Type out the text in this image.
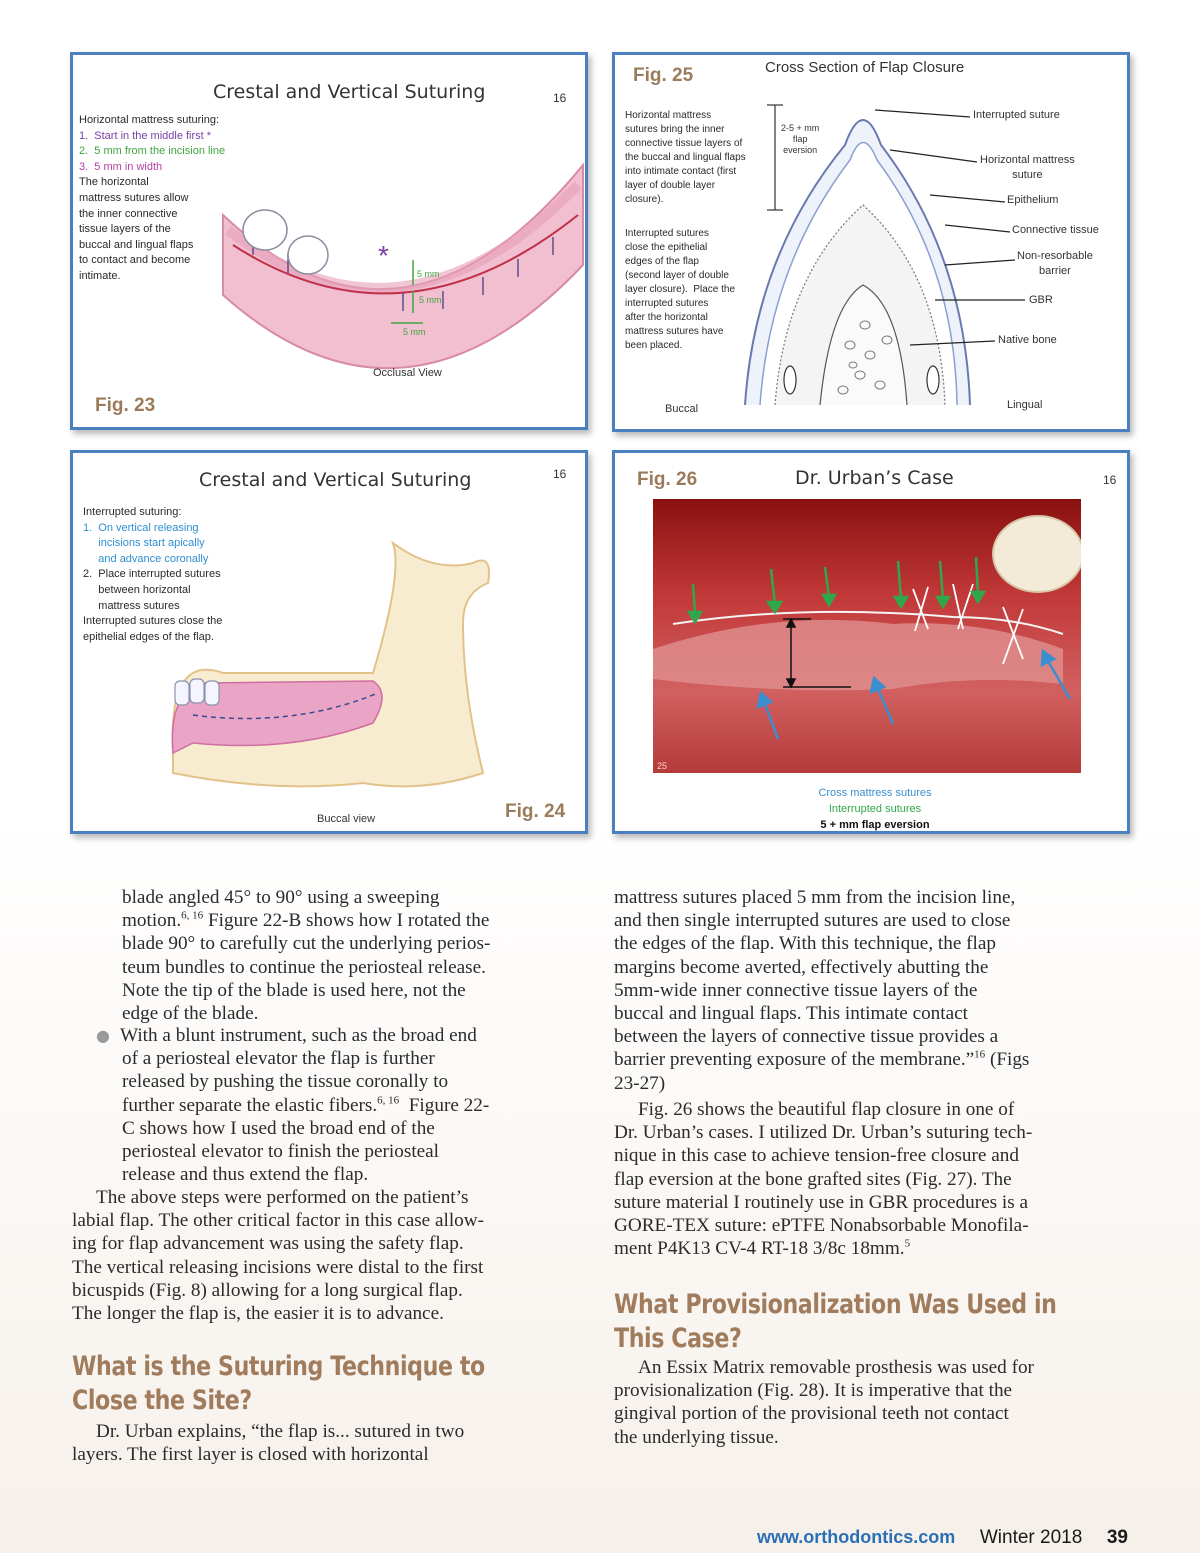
Crestal and Vertical Suturing	16
Horizontal mattress suturing:
1.  Start in the middle first *
2.  5 mm from the incision line
3.  5 mm in width
The horizontal
mattress sutures allow
the inner connective
tissue layers of the
buccal and lingual flaps
to contact and become
intimate.
*
5 mm
5 mm
5 mm
Occlusal View
Fig. 23
Fig. 25	Cross Section of Flap Closure
Horizontal mattress
sutures bring the inner
connective tissue layers of
the buccal and lingual flaps
into intimate contact (first
layer of double layer
closure).
Interrupted sutures
close the epithelial
edges of the flap
(second layer of double
layer closure).  Place the
interrupted sutures
after the horizontal
mattress sutures have
been placed.
2-5 + mm
flap
eversion
Interrupted suture
Horizontal mattress
suture
Epithelium
Connective tissue
Non-resorbable
barrier
GBR
Native bone
Buccal	Lingual
Crestal and Vertical Suturing	16
Interrupted suturing:
1.  On vertical releasing
incisions start apically
and advance coronally
2.  Place interrupted sutures
between horizontal
mattress sutures
Interrupted sutures close the
epithelial edges of the flap.
Buccal view	Fig. 24
Fig. 26	Dr. Urban’s Case	16
25
Cross mattress sutures
Interrupted sutures
5 + mm flap eversion

blade angled 45° to 90° using a sweeping

motion.$^{6, 16}$ Figure 22-B shows how I rotated the

blade 90° to carefully cut the underlying perios-

teum bundles to continue the periosteal release.

Note the tip of the blade is used here, not the

edge of the blade.

● With a blunt instrument, such as the broad end

of a periosteal elevator the flap is further

released by pushing the tissue coronally to

further separate the elastic fibers.$^{6, 16}$ Figure 22-

C shows how I used the broad end of the

periosteal elevator to finish the periosteal

release and thus extend the flap.

The above steps were performed on the patient’s

labial flap. The other critical factor in this case allow-

ing for flap advancement was using the safety flap.

The vertical releasing incisions were distal to the first

bicuspids (Fig. 8) allowing for a long surgical flap.

The longer the flap is, the easier it is to advance.

What is the Suturing Technique to
Close the Site?

Dr. Urban explains, “the flap is... sutured in two

layers. The first layer is closed with horizontal

mattress sutures placed 5 mm from the incision line,

and then single interrupted sutures are used to close

the edges of the flap. With this technique, the flap

margins become averted, effectively abutting the

5mm-wide inner connective tissue layers of the

buccal and lingual flaps. This intimate contact

between the layers of connective tissue provides a

barrier preventing exposure of the membrane.”$^{16}$ (Figs

23-27)

Fig. 26 shows the beautiful flap closure in one of

Dr. Urban’s cases. I utilized Dr. Urban’s suturing tech-

nique in this case to achieve tension-free closure and

flap eversion at the bone grafted sites (Fig. 27). The

suture material I routinely use in GBR procedures is a

GORE-TEX suture: ePTFE Nonabsorbable Monofila-

ment P4K13 CV-4 RT-18 3/8c 18mm.$^5$

What Provisionalization Was Used in
This Case?

An Essix Matrix removable prosthesis was used for

provisionalization (Fig. 28). It is imperative that the

gingival portion of the provisional teeth not contact

the underlying tissue.

www.orthodontics.com Winter 2018 39
